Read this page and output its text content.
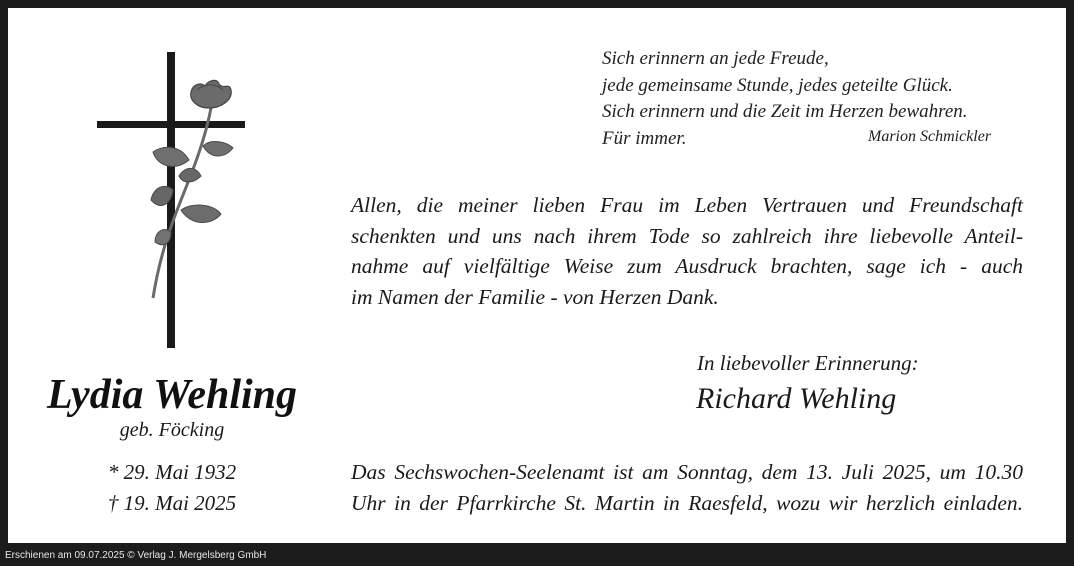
Sich erinnern an jede Freude,
jede gemeinsame Stunde, jedes geteilte Glück.
Sich erinnern und die Zeit im Herzen bewahren.
Für immer.	Marion Schmickler
Allen, die meiner lieben Frau im Leben Vertrauen und Freundschaft
schenkten und uns nach ihrem Tode so zahlreich ihre liebevolle Anteil-
nahme auf vielfältige Weise zum Ausdruck brachten, sage ich - auch
im Namen der Familie - von Herzen Dank.
In liebevoller Erinnerung:
Richard Wehling
Lydia Wehling
geb. Föcking
* 29. Mai 1932
† 19. Mai 2025
Das Sechswochen-Seelenamt ist am Sonntag, dem 13. Juli 2025, um 10.30
Uhr in der Pfarrkirche St. Martin in Raesfeld, wozu wir herzlich einladen.
Erschienen am 09.07.2025 © Verlag J. Mergelsberg GmbH
